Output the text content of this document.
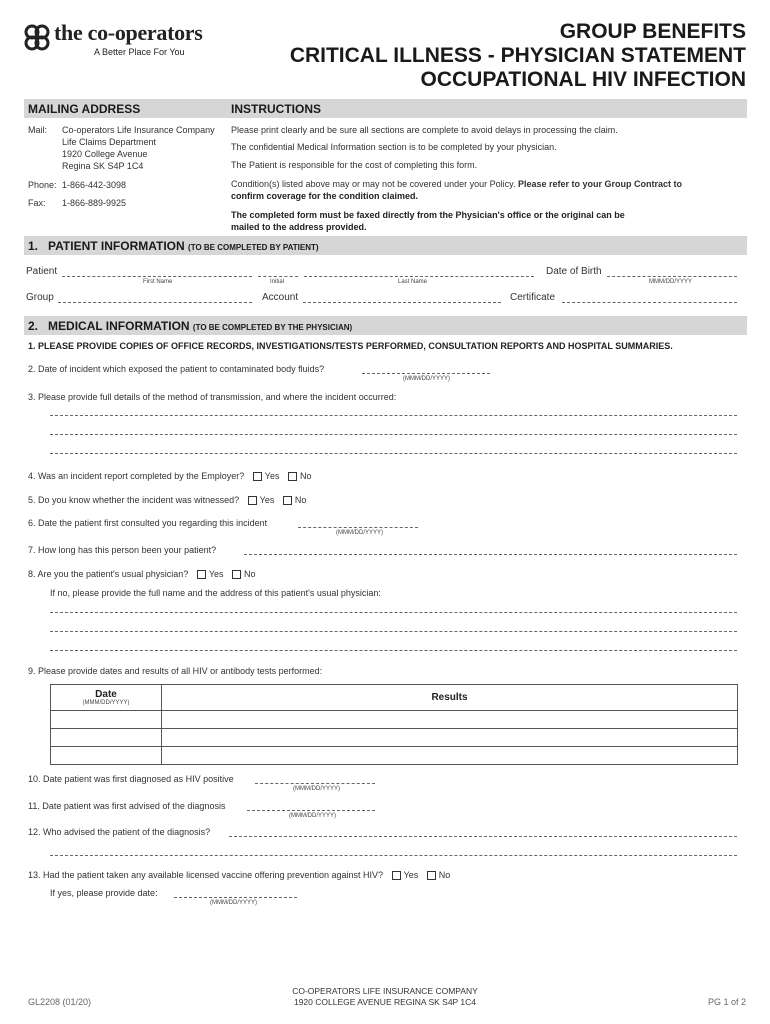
the co-operators
A Better Place For You
GROUP BENEFITS
CRITICAL ILLNESS - PHYSICIAN STATEMENT
OCCUPATIONAL HIV INFECTION
MAILING ADDRESS	INSTRUCTIONS
Mail: Co-operators Life Insurance Company
Life Claims Department
1920 College Avenue
Regina SK S4P 1C4
Phone: 1-866-442-3098
Fax: 1-866-889-9925
Please print clearly and be sure all sections are complete to avoid delays in processing the claim.
The confidential Medical Information section is to be completed by your physician.
The Patient is responsible for the cost of completing this form.
Condition(s) listed above may or may not be covered under your Policy. Please refer to your Group Contract to
confirm coverage for the condition claimed.
The completed form must be faxed directly from the Physician's office or the original can be
mailed to the address provided.
1. PATIENT INFORMATION (TO BE COMPLETED BY PATIENT)
Patient	Date of Birth
First Name	Initial	Last Name	MMM/DD/YYYY
Group	Account	Certificate
2. MEDICAL INFORMATION (TO BE COMPLETED BY THE PHYSICIAN)
1. PLEASE PROVIDE COPIES OF OFFICE RECORDS, INVESTIGATIONS/TESTS PERFORMED, CONSULTATION REPORTS AND HOSPITAL SUMMARIES.
2. Date of incident which exposed the patient to contaminated body fluids?
(MMM/DD/YYYY)
3. Please provide full details of the method of transmission, and where the incident occurred:
4. Was an incident report completed by the Employer? Yes No
5. Do you know whether the incident was witnessed? Yes No
6. Date the patient first consulted you regarding this incident
(MMM/DD/YYYY)
7. How long has this person been your patient?
8. Are you the patient's usual physician? Yes No
If no, please provide the full name and the address of this patient's usual physician:
9. Please provide dates and results of all HIV or antibody tests performed:
Date
(MMM/DD/YYYY)	Results

10. Date patient was first diagnosed as HIV positive
(MMM/DD/YYYY)
11. Date patient was first advised of the diagnosis
(MMM/DD/YYYY)
12. Who advised the patient of the diagnosis?
13. Had the patient taken any available licensed vaccine offering prevention against HIV? Yes No
If yes, please provide date:
(MMM/DD/YYYY)
CO-OPERATORS LIFE INSURANCE COMPANY
1920 COLLEGE AVENUE REGINA SK S4P 1C4
GL2208 (01/20)	PG 1 of 2
